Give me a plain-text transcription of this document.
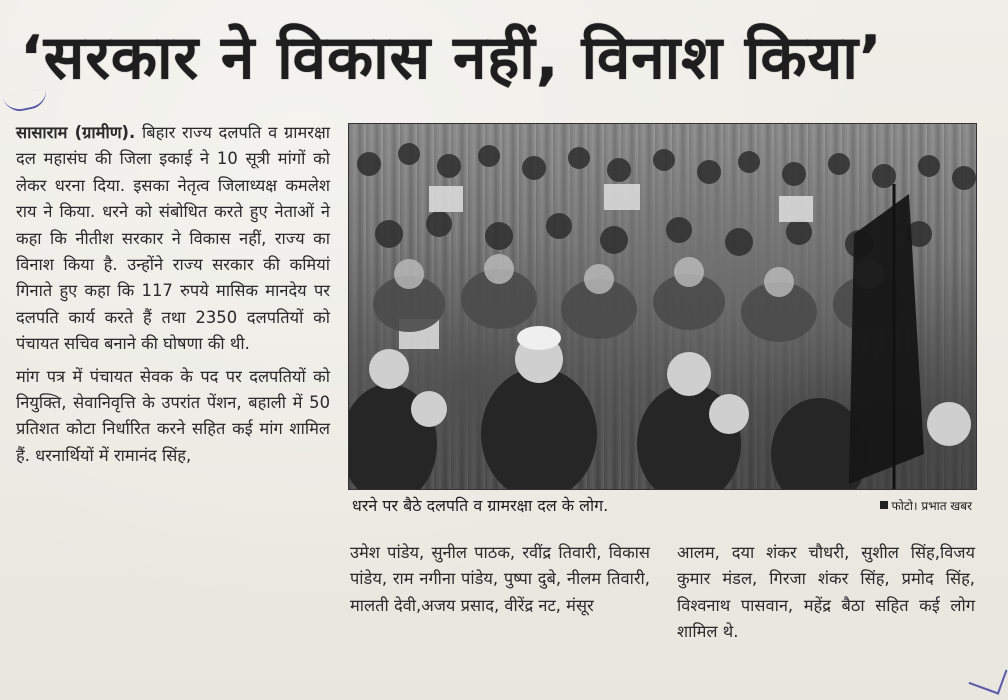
‘सरकार ने विकास नहीं, विनाश किया’

सासाराम (ग्रामीण). बिहार राज्य दलपति व ग्रामरक्षा दल महासंघ की जिला इकाई ने 10 सूत्री मांगों को लेकर धरना दिया. इसका नेतृत्व जिलाध्यक्ष कमलेश राय ने किया. धरने को संबोधित करते हुए नेताओं ने कहा कि नीतीश सरकार ने विकास नहीं, राज्य का विनाश किया है. उन्होंने राज्य सरकार की कमियां गिनाते हुए कहा कि 117 रुपये मासिक मानदेय पर दलपति कार्य करते हैं तथा 2350 दलपतियों को पंचायत सचिव बनाने की घोषणा की थी.

मांग पत्र में पंचायत सेवक के पद पर दलपतियों को नियुक्ति, सेवानिवृत्ति के उपरांत पेंशन, बहाली में 50 प्रतिशत कोटा निर्धारित करने सहित कई मांग शामिल हैं. धरनार्थियों में रामानंद सिंह,

धरने पर बैठे दलपति व ग्रामरक्षा दल के लोग.	फोटो। प्रभात खबर

उमेश पांडेय, सुनील पाठक, रवींद्र तिवारी, विकास पांडेय, राम नगीना पांडेय, पुष्पा दुबे, नीलम तिवारी, मालती देवी,अजय प्रसाद, वीरेंद्र नट, मंसूर

आलम, दया शंकर चौधरी, सुशील सिंह,विजय कुमार मंडल, गिरजा शंकर सिंह, प्रमोद सिंह, विश्वनाथ पासवान, महेंद्र बैठा सहित कई लोग शामिल थे.
